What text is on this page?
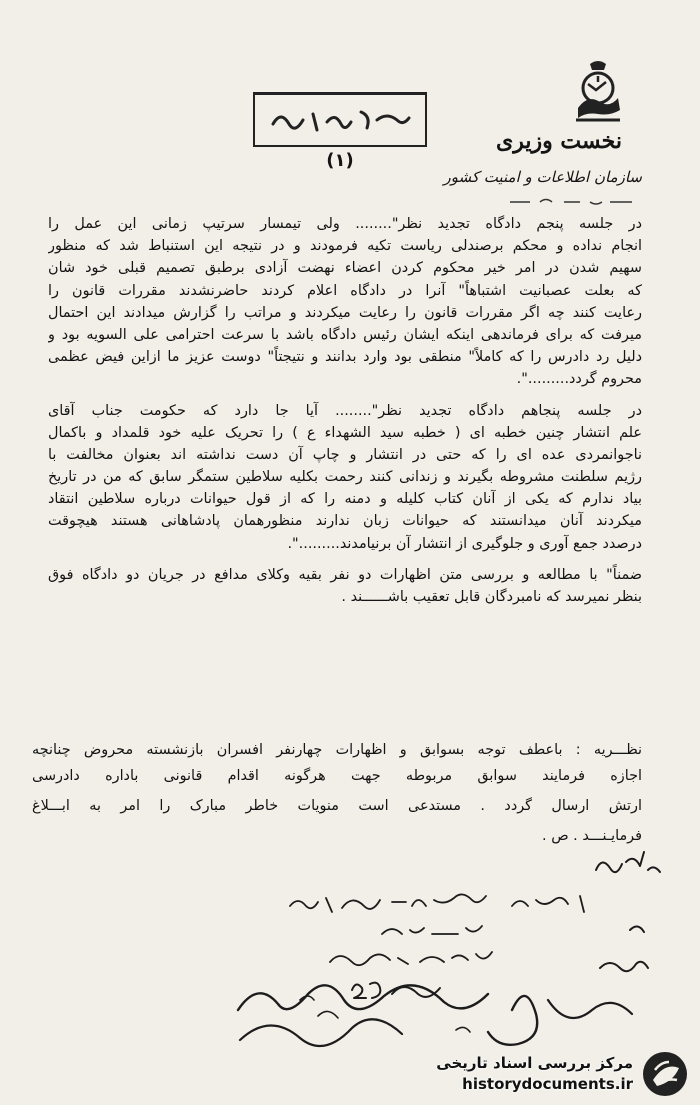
(۱)
نخست وزیری
سازمان اطلاعات و امنیت کشور
در جلسه پنجم دادگاه تجدید نظر"........ ولی تیمسار سرتیپ زمانی این عمل را
انجام نداده و محکم برصندلی ریاست تکیه فرمودند و در نتیجه این استنباط شد که منظور
سهیم شدن در امر خیر محکوم کردن اعضاء نهضت آزادی برطبق تصمیم قبلی خود شان
که بعلت عصبانیت اشتباهاً" آنرا در دادگاه اعلام کردند حاضرنشدند مقررات قانون را
رعایت کنند چه اگر مقررات قانون را رعایت میکردند و مراتب را گزارش میدادند این احتمال
میرفت که برای فرماندهی اینکه ایشان رئیس دادگاه باشد با سرعت احترامی علی السویه بود و
دلیل رد دادرس را که کاملاً" منطقی بود وارد بدانند و نتیجتاً" دوست عزیز ما ازاین فیض عظمی
محروم گردد.........".
در جلسه پنجاهم دادگاه تجدید نظر"........ آیا جا دارد که حکومت جناب آقای
علم انتشار چنین خطبه ای ( خطبه سید الشهداء ع ) را تحریک علیه خود قلمداد و باکمال
ناجوانمردی عده ای را که حتی در انتشار و چاپ آن دست نداشته اند بعنوان مخالفت با
رژیم سلطنت مشروطه بگیرند و زندانی کنند رحمت بکلیه سلاطین ستمگر سابق که من در تاریخ
بیاد ندارم که یکی از آنان کتاب کلیله و دمنه را که از قول حیوانات درباره سلاطین انتقاد
میکردند آنان میدانستند که حیوانات زبان ندارند منظورهمان پادشاهانی هستند هیچوقت
درصدد جمع آوری و جلوگیری از انتشار آن برنیامدند.........".
ضمناً" با مطالعه و بررسی متن اظهارات دو نفر بقیه وکلای مدافع در جریان دو دادگاه فوق
بنظر نمیرسد که نامبردگان قابل تعقیب باشــــــند .
نظـــریه : باعطف توجه بسوابق و اظهارات چهارنفر افسران بازنشسته محروض چنانچه
اجازه فرمایند سوابق مربوطه جهت هرگونه اقدام قانونی باداره دادرسی
ارتش ارسال گردد . مستدعی است منویات خاطر مبارک را امر به ابـــلاغ
فرمایـنـــد . ص .
مرکز بررسی اسناد تاریخی
historydocuments.ir
